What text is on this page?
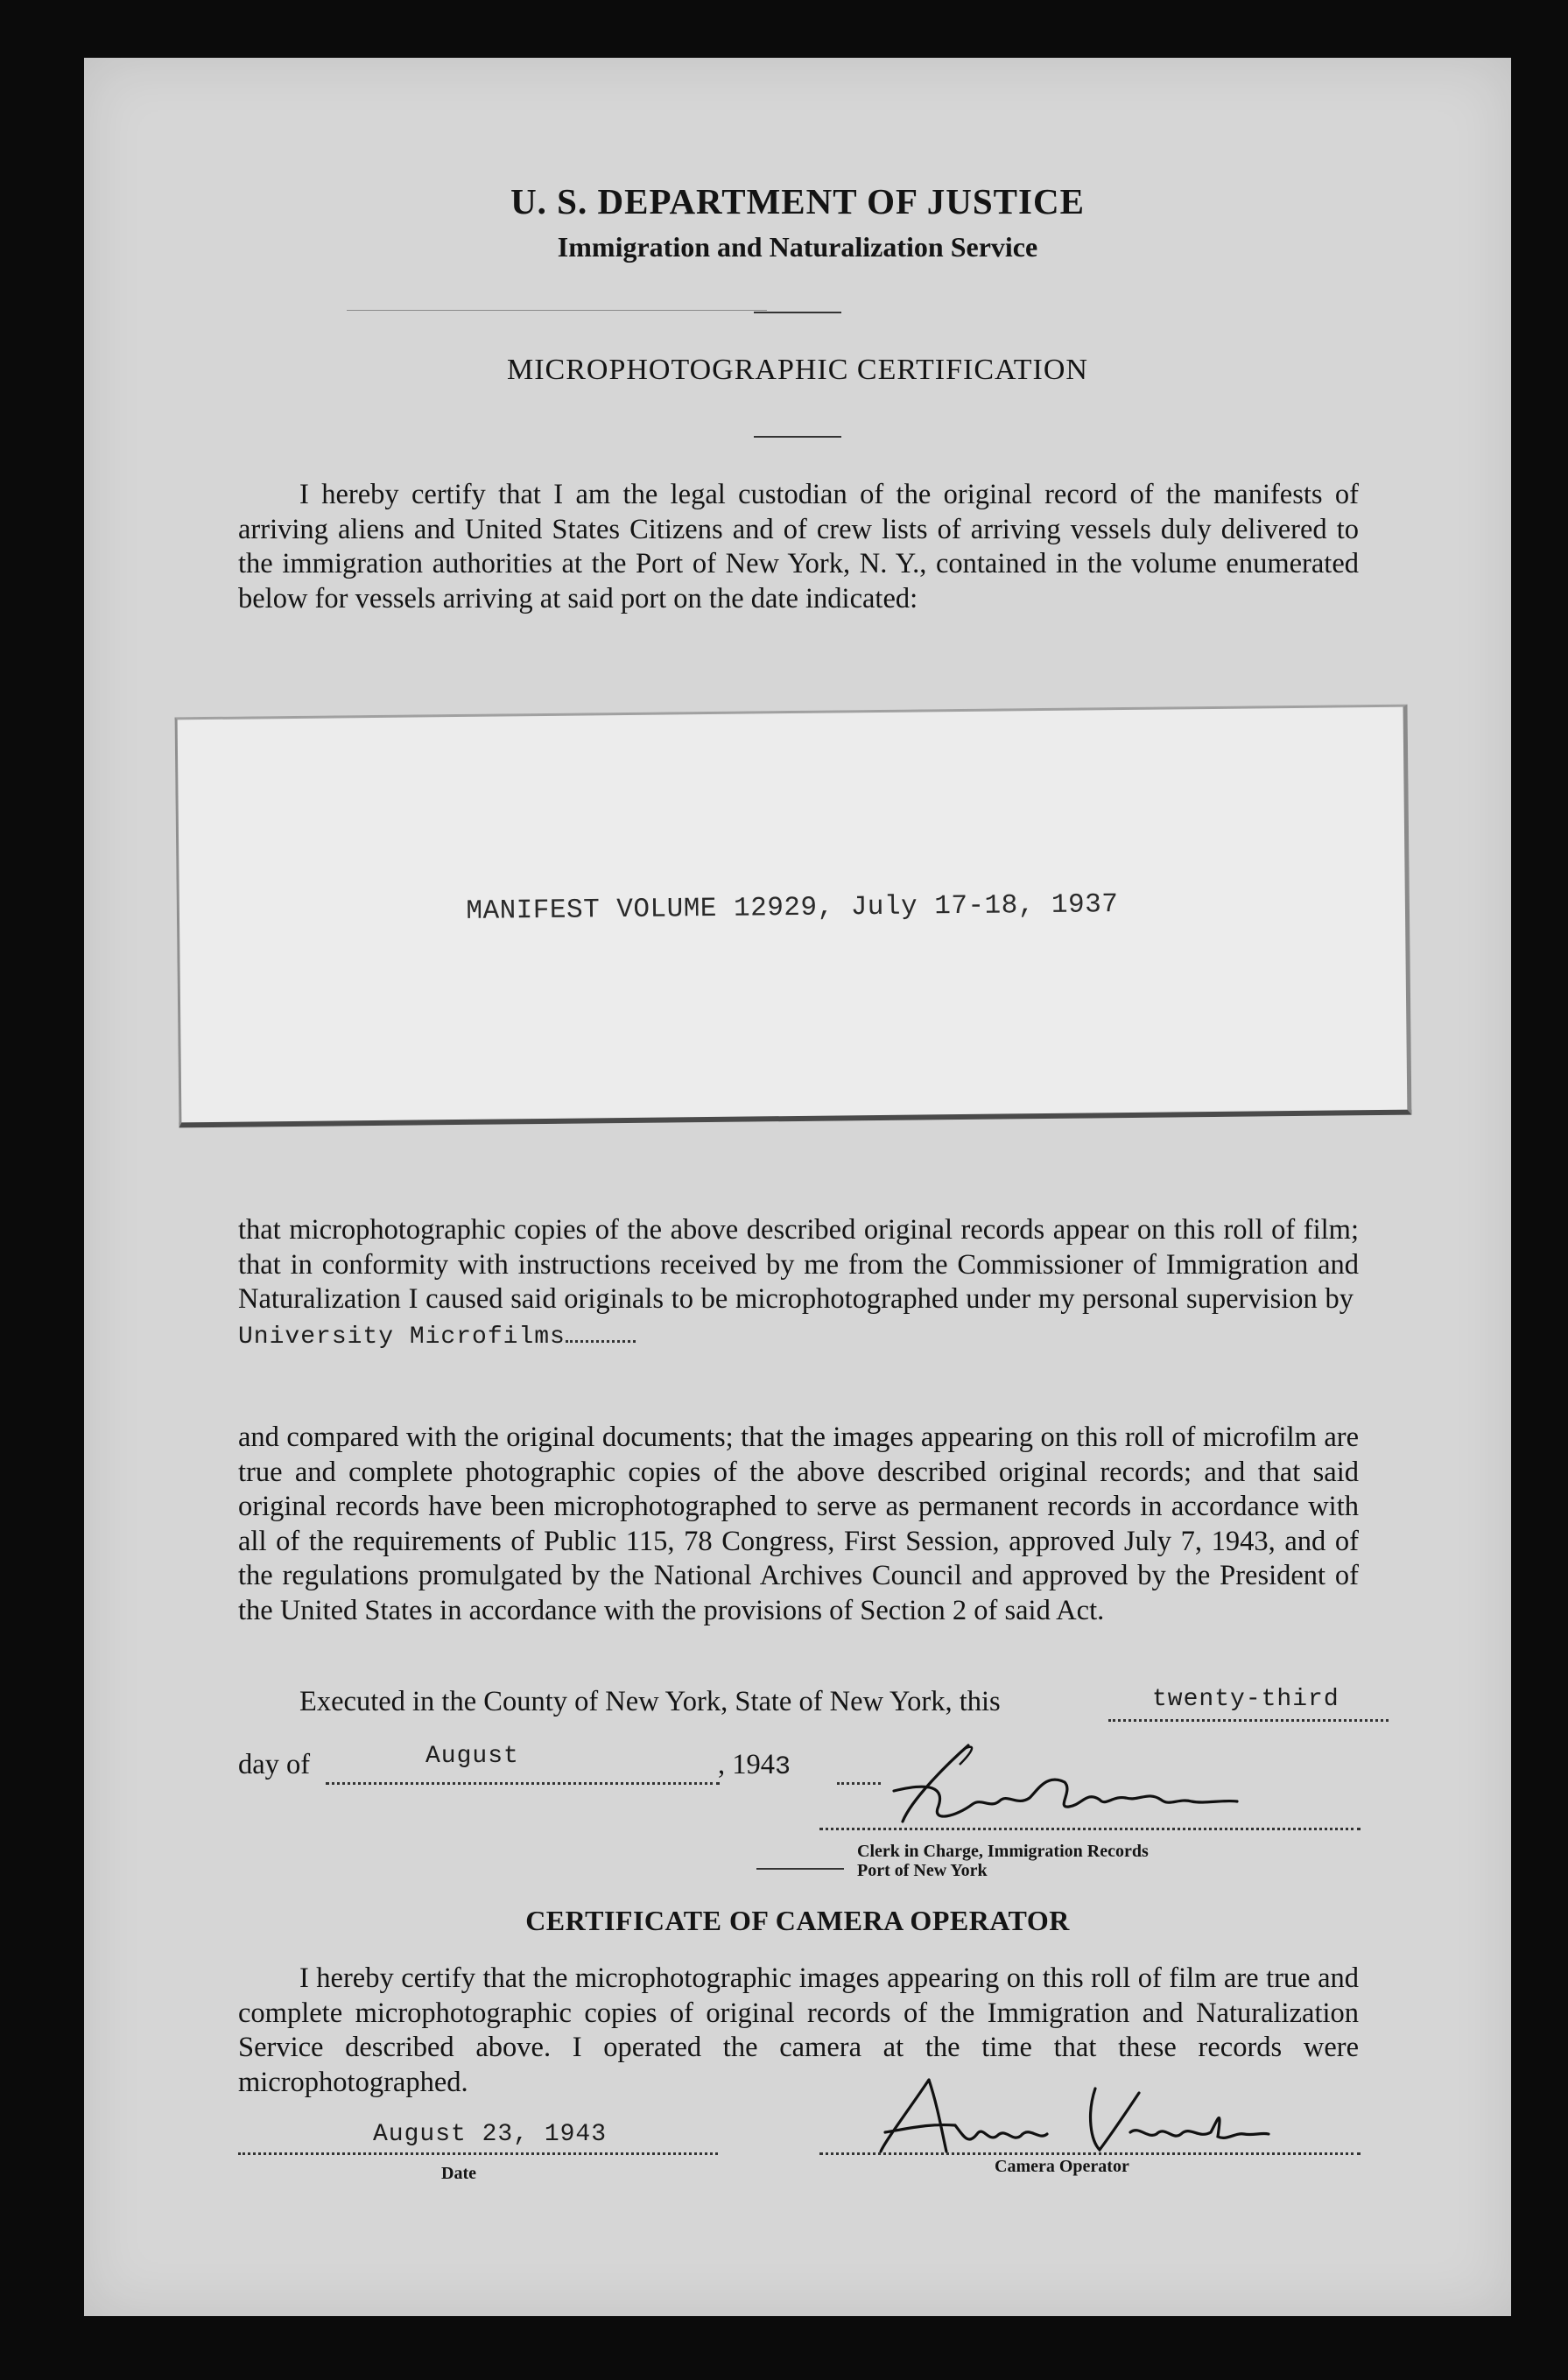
U. S. DEPARTMENT OF JUSTICE
Immigration and Naturalization Service
MICROPHOTOGRAPHIC CERTIFICATION

I hereby certify that I am the legal custodian of the original record of the manifests of arriving aliens and United States Citizens and of crew lists of arriving vessels duly delivered to the immigration authorities at the Port of New York, N. Y., contained in the volume enumerated below for vessels arriving at said port on the date indicated:

MANIFEST VOLUME 12929, July 17-18, 1937

that microphotographic copies of the above described original records appear on this roll of film; that in conformity with instructions received by me from the Commissioner of Immigration and Naturalization I caused said originals to be microphotographed under my personal supervision byUniversity Microfilms

and compared with the original documents; that the images appearing on this roll of microfilm are true and complete photographic copies of the above described original records; and that said original records have been microphotographed to serve as permanent records in accordance with all of the requirements of Public 115, 78 Congress, First Session, approved July 7, 1943, and of the regulations promulgated by the National Archives Council and approved by the President of the United States in accordance with the provisions of Section 2 of said Act.

Executed in the County of New York, State of New York, this	twenty-third
day of	August	, 1943
Clerk in Charge, Immigration Records
Port of New York
CERTIFICATE OF CAMERA OPERATOR

I hereby certify that the microphotographic images appearing on this roll of film are true and complete microphotographic copies of original records of the Immigration and Naturalization Service described above. I operated the camera at the time that these records were microphotographed.

August 23, 1943
Date	Camera Operator
